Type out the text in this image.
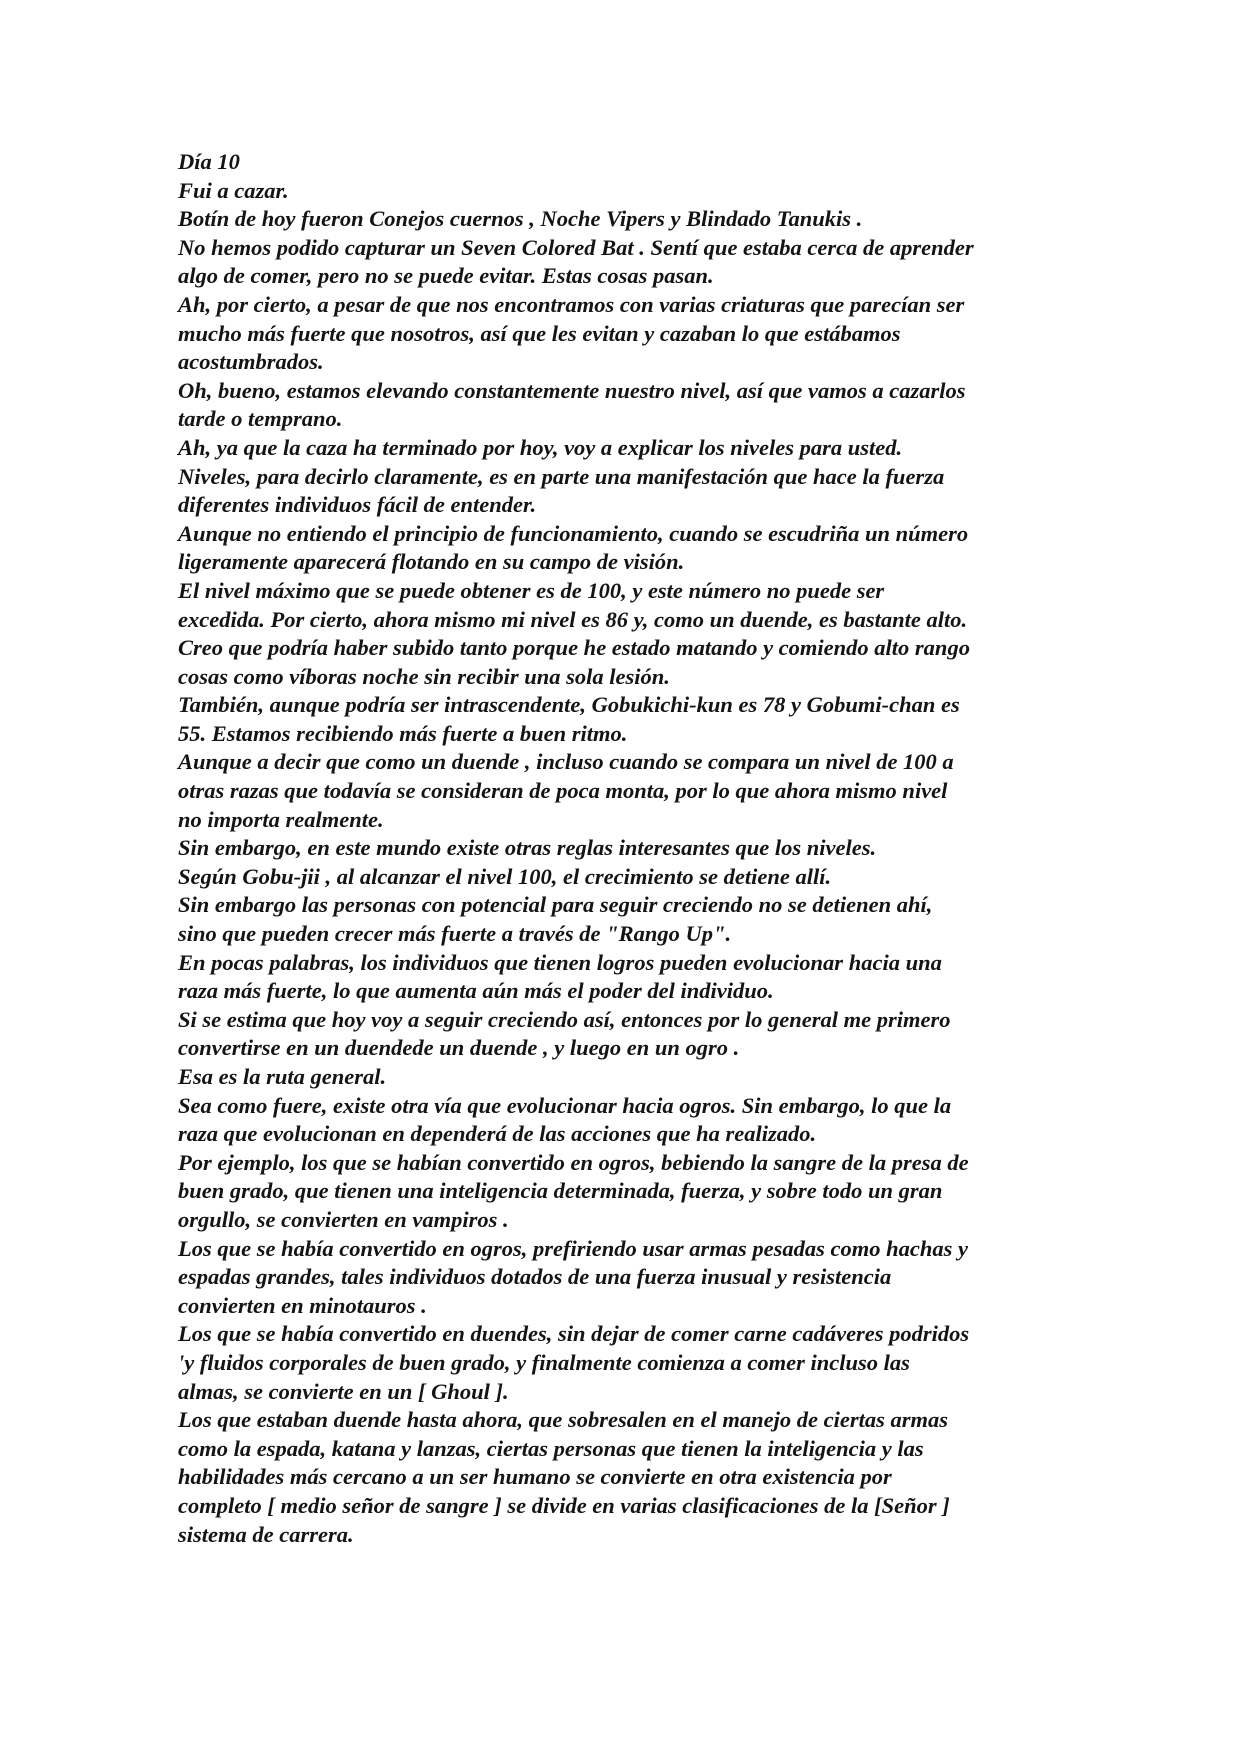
Día 10

Fui a cazar.

Botín de hoy fueron Conejos cuernos , Noche Vipers y Blindado Tanukis .

No hemos podido capturar un Seven Colored Bat . Sentí que estaba cerca de aprender

algo de comer, pero no se puede evitar. Estas cosas pasan.

Ah, por cierto, a pesar de que nos encontramos con varias criaturas que parecían ser

mucho más fuerte que nosotros, así que les evitan y cazaban lo que estábamos

acostumbrados.

Oh, bueno, estamos elevando constantemente nuestro nivel, así que vamos a cazarlos

tarde o temprano.

Ah, ya que la caza ha terminado por hoy, voy a explicar los niveles para usted.

Niveles, para decirlo claramente, es en parte una manifestación que hace la fuerza

diferentes individuos fácil de entender.

Aunque no entiendo el principio de funcionamiento, cuando se escudriña un número

ligeramente aparecerá flotando en su campo de visión.

El nivel máximo que se puede obtener es de 100, y este número no puede ser

excedida. Por cierto, ahora mismo mi nivel es 86 y, como un duende, es bastante alto.

Creo que podría haber subido tanto porque he estado matando y comiendo alto rango

cosas como víboras noche sin recibir una sola lesión.

También, aunque podría ser intrascendente, Gobukichi-kun es 78 y Gobumi-chan es

55. Estamos recibiendo más fuerte a buen ritmo.

Aunque a decir que como un duende , incluso cuando se compara un nivel de 100 a

otras razas que todavía se consideran de poca monta, por lo que ahora mismo nivel

no importa realmente.

Sin embargo, en este mundo existe otras reglas interesantes que los niveles.

Según Gobu-jii , al alcanzar el nivel 100, el crecimiento se detiene allí.

Sin embargo las personas con potencial para seguir creciendo no se detienen ahí,

sino que pueden crecer más fuerte a través de "Rango Up".

En pocas palabras, los individuos que tienen logros pueden evolucionar hacia una

raza más fuerte, lo que aumenta aún más el poder del individuo.

Si se estima que hoy voy a seguir creciendo así, entonces por lo general me primero

convertirse en un duendede un duende , y luego en un ogro .

Esa es la ruta general.

Sea como fuere, existe otra vía que evolucionar hacia ogros. Sin embargo, lo que la

raza que evolucionan en dependerá de las acciones que ha realizado.

Por ejemplo, los que se habían convertido en ogros, bebiendo la sangre de la presa de

buen grado, que tienen una inteligencia determinada, fuerza, y sobre todo un gran

orgullo, se convierten en vampiros .

Los que se había convertido en ogros, prefiriendo usar armas pesadas como hachas y

espadas grandes, tales individuos dotados de una fuerza inusual y resistencia

convierten en minotauros .

Los que se había convertido en duendes, sin dejar de comer carne cadáveres podridos

'y fluidos corporales de buen grado, y finalmente comienza a comer incluso las

almas, se convierte en un [ Ghoul ].

Los que estaban duende hasta ahora, que sobresalen en el manejo de ciertas armas

como la espada, katana y lanzas, ciertas personas que tienen la inteligencia y las

habilidades más cercano a un ser humano se convierte en otra existencia por

completo [ medio señor de sangre ] se divide en varias clasificaciones de la [Señor ]

sistema de carrera.
